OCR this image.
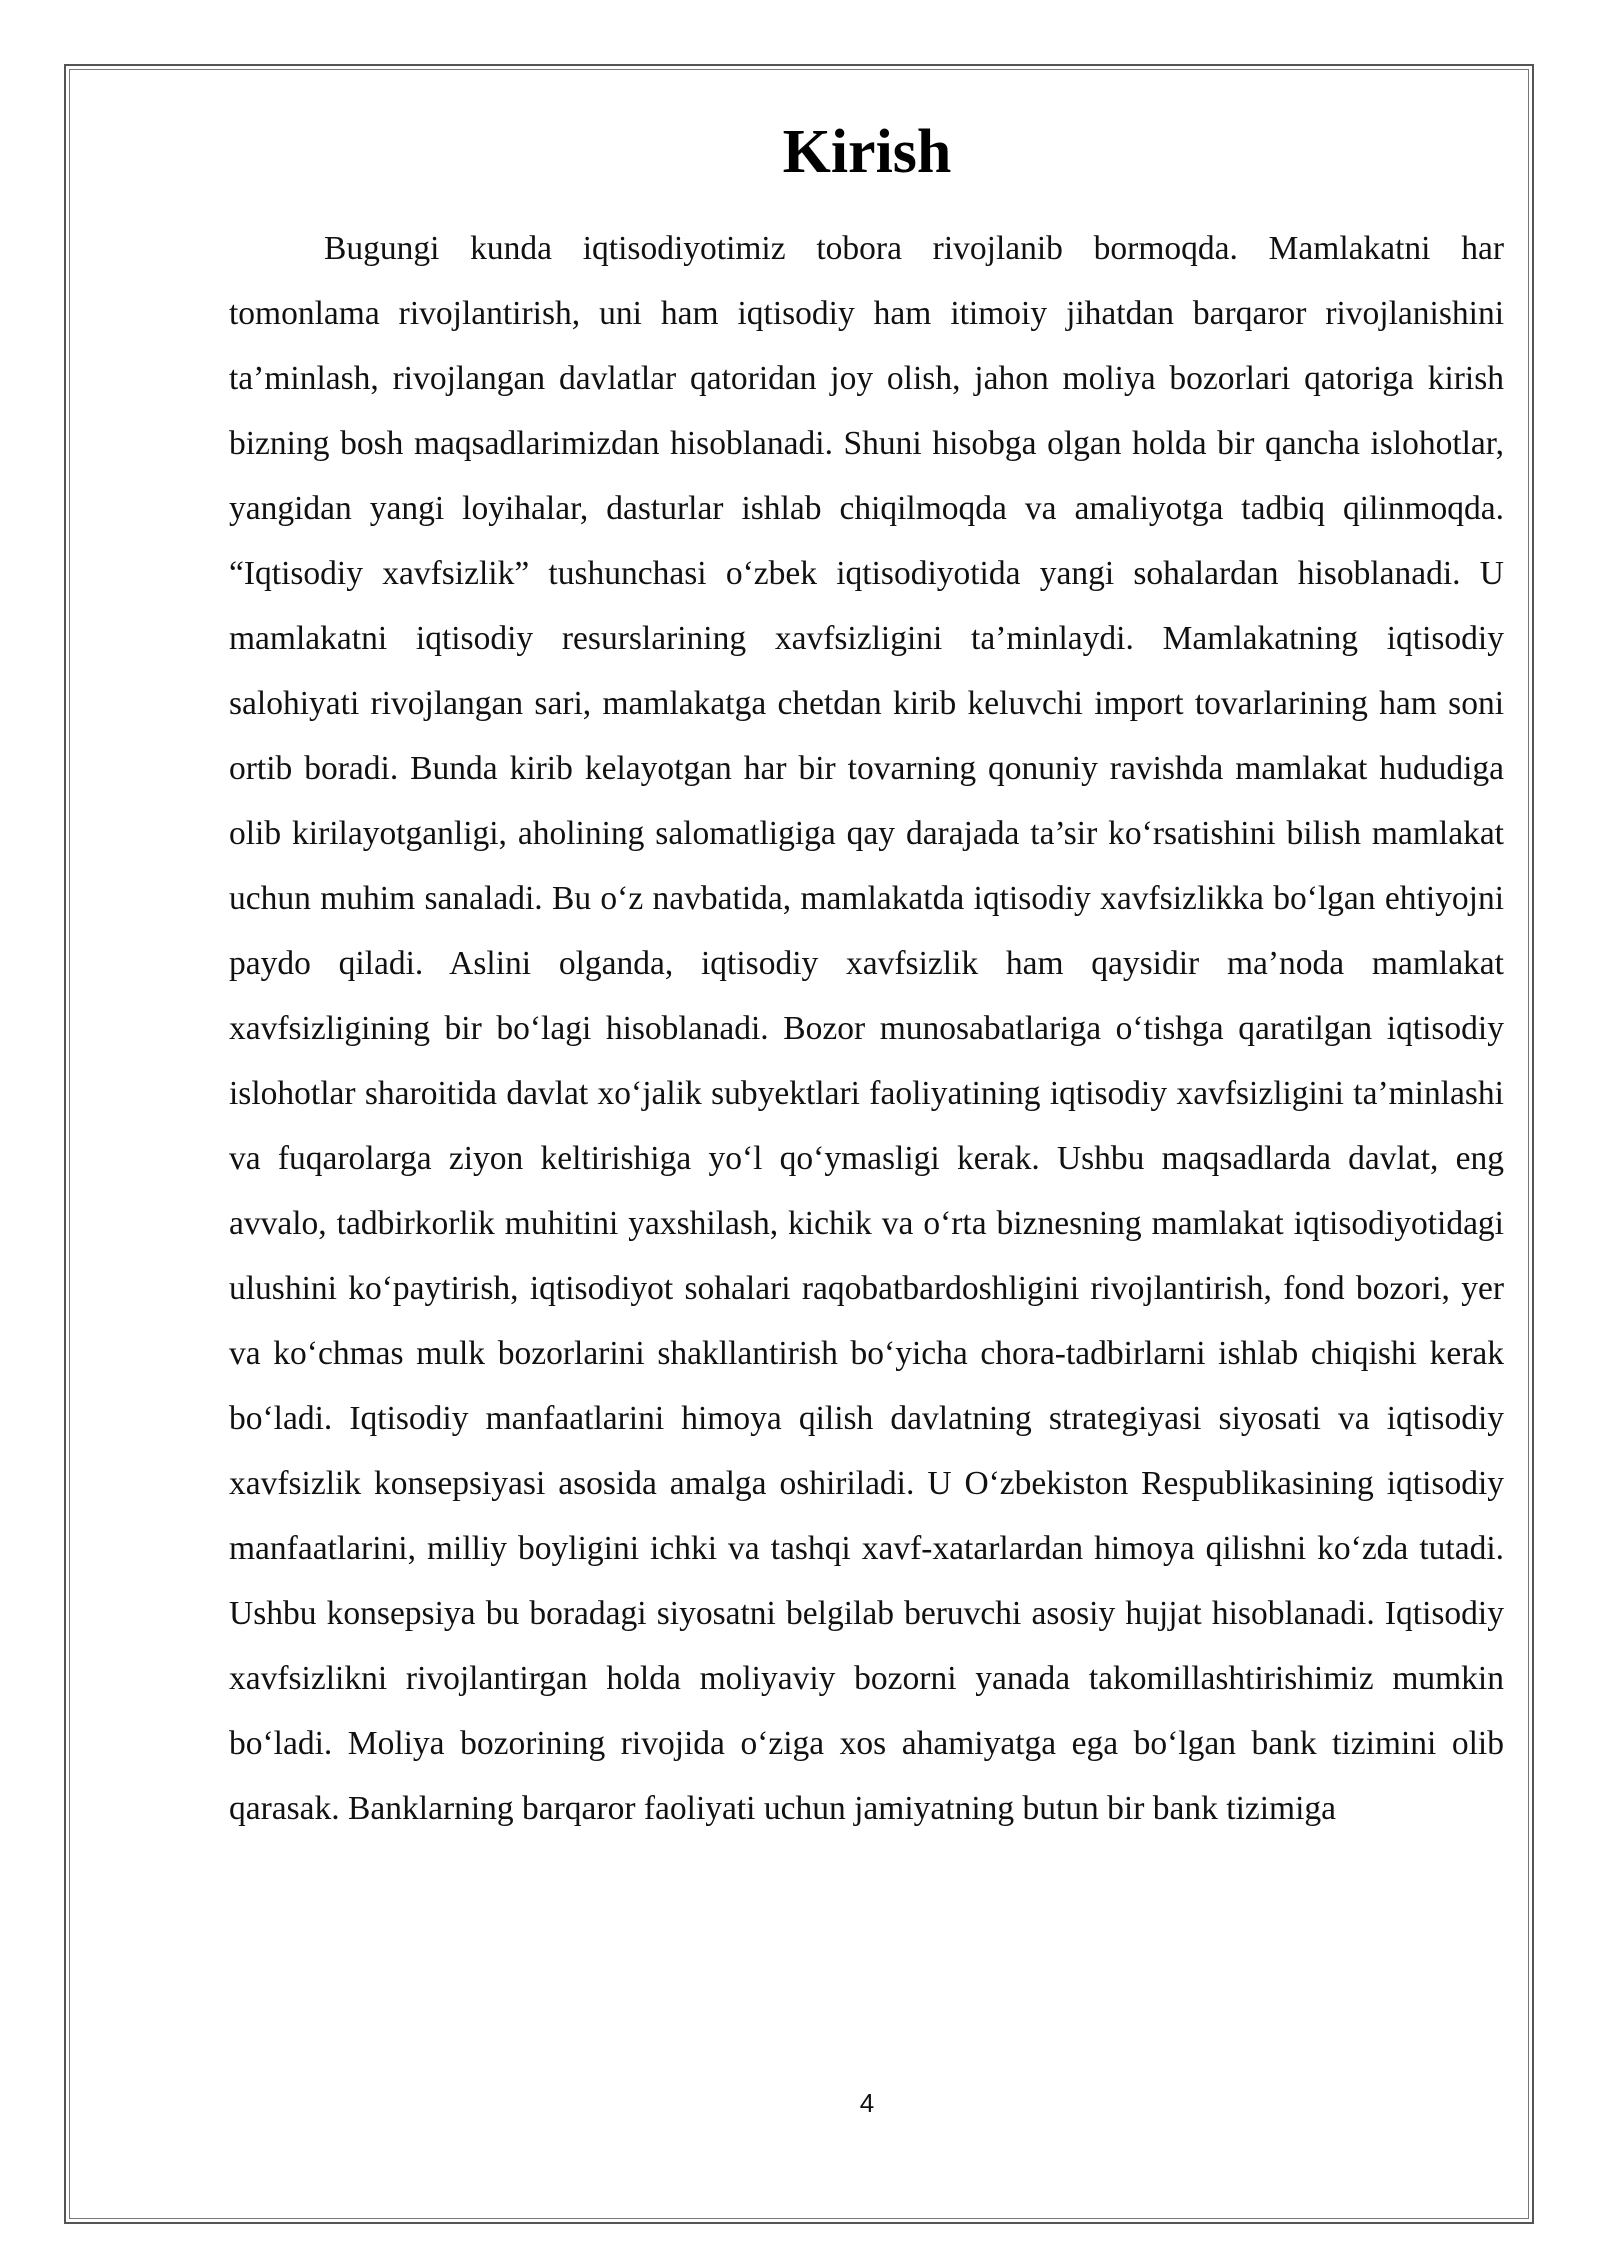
Kirish

Bugungi kunda iqtisodiyotimiz tobora rivojlanib bormoqda. Mamlakatni har tomonlama rivojlantirish, uni ham iqtisodiy ham itimoiy jihatdan barqaror rivojlanishini ta’minlash, rivojlangan davlatlar qatoridan joy olish, jahon moliya bozorlari qatoriga kirish bizning bosh maqsadlarimizdan hisoblanadi. Shuni hisobga olgan holda bir qancha islohotlar, yangidan yangi loyihalar, dasturlar ishlab chiqilmoqda va amaliyotga tadbiq qilinmoqda. “Iqtisodiy xavfsizlik” tushunchasi o‘zbek iqtisodiyotida yangi sohalardan hisoblanadi. U mamlakatni iqtisodiy resurslarining xavfsizligini ta’minlaydi. Mamlakatning iqtisodiy salohiyati rivojlangan sari, mamlakatga chetdan kirib keluvchi import tovarlarining ham soni ortib boradi. Bunda kirib kelayotgan har bir tovarning qonuniy ravishda mamlakat hududiga olib kirilayotganligi, aholining salomatligiga qay darajada ta’sir ko‘rsatishini bilish mamlakat uchun muhim sanaladi. Bu o‘z navbatida, mamlakatda iqtisodiy xavfsizlikka bo‘lgan ehtiyojni paydo qiladi. Aslini olganda, iqtisodiy xavfsizlik ham qaysidir ma’noda mamlakat xavfsizligining bir bo‘lagi hisoblanadi. Bozor munosabatlariga o‘tishga qaratilgan iqtisodiy islohotlar sharoitida davlat xo‘jalik subyektlari faoliyatining iqtisodiy xavfsizligini ta’minlashi va fuqarolarga ziyon keltirishiga yo‘l qo‘ymasligi kerak. Ushbu maqsadlarda davlat, eng avvalo, tadbirkorlik muhitini yaxshilash, kichik va o‘rta biznesning mamlakat iqtisodiyotidagi ulushini ko‘paytirish, iqtisodiyot sohalari raqobatbardoshligini rivojlantirish, fond bozori, yer va ko‘chmas mulk bozorlarini shakllantirish bo‘yicha chora-tadbirlarni ishlab chiqishi kerak bo‘ladi. Iqtisodiy manfaatlarini himoya qilish davlatning strategiyasi siyosati va iqtisodiy xavfsizlik konsepsiyasi asosida amalga oshiriladi. U O‘zbekiston Respublikasining iqtisodiy manfaatlarini, milliy boyligini ichki va tashqi xavf-xatarlardan himoya qilishni ko‘zda tutadi. Ushbu konsepsiya bu boradagi siyosatni belgilab beruvchi asosiy hujjat hisoblanadi. Iqtisodiy xavfsizlikni rivojlantirgan holda moliyaviy bozorni yanada takomillashtirishimiz mumkin bo‘ladi. Moliya bozorining rivojida o‘ziga xos ahamiyatga ega bo‘lgan bank tizimini olib qarasak. Banklarning barqaror faoliyati uchun jamiyatning butun bir bank tizimiga

4
